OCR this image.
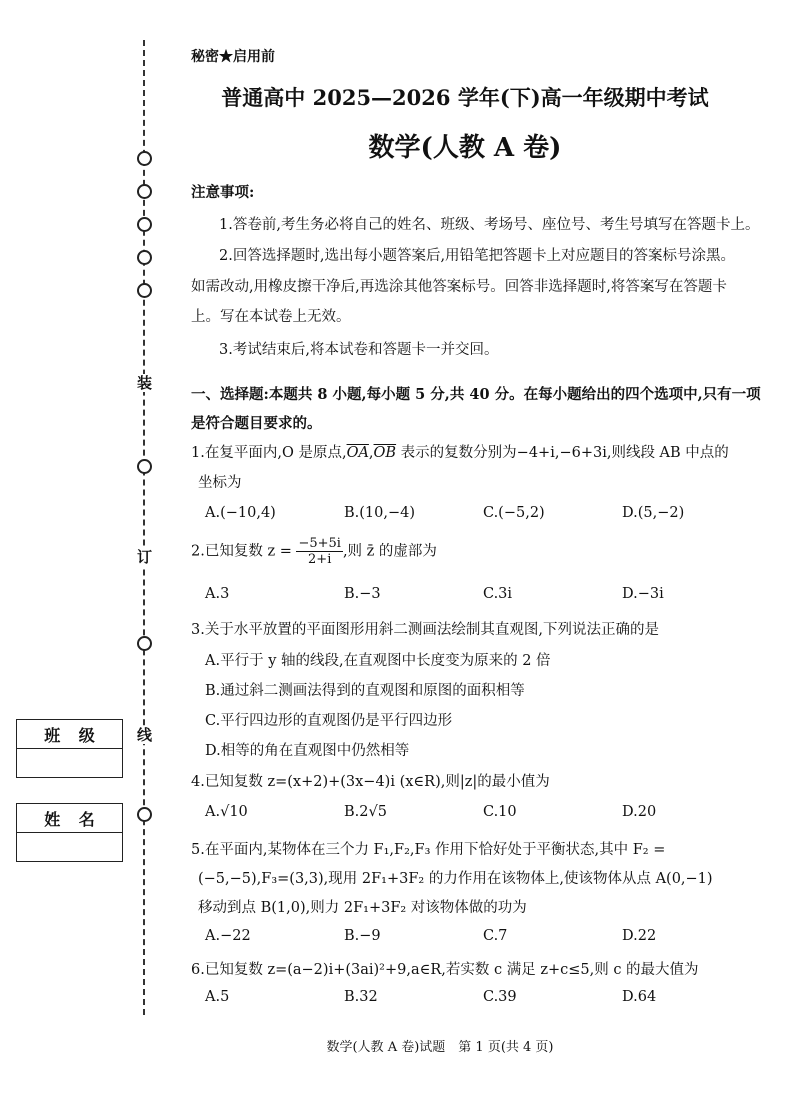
装
订
线
班 级
姓 名
秘密★启用前
普通高中 2025—2026 学年(下)高一年级期中考试
数学(人教 A 卷)
注意事项:
1.答卷前,考生务必将自己的姓名、班级、考场号、座位号、考生号填写在答题卡上。
2.回答选择题时,选出每小题答案后,用铅笔把答题卡上对应题目的答案标号涂黑。
如需改动,用橡皮擦干净后,再选涂其他答案标号。回答非选择题时,将答案写在答题卡
上。写在本试卷上无效。
3.考试结束后,将本试卷和答题卡一并交回。
一、选择题:本题共 8 小题,每小题 5 分,共 40 分。在每小题给出的四个选项中,只有一项
是符合题目要求的。
1.在复平面内,O 是原点$,\overline{OA},\overline{OB}$ 表示的复数分别为−4+i,−6+3i,则线段 AB 中点的
坐标为
A.(−10,4)	B.(10,−4)	C.(−5,2)	D.(5,−2)
2.已知复数 $z = \frac{-5+5i}{2+i}$ ,则 z̄ 的虚部为
A.3	B.−3	C.3i	D.−3i
3.关于水平放置的平面图形用斜二测画法绘制其直观图,下列说法正确的是
A.平行于 y 轴的线段,在直观图中长度变为原来的 2 倍
B.通过斜二测画法得到的直观图和原图的面积相等
C.平行四边形的直观图仍是平行四边形
D.相等的角在直观图中仍然相等
4.已知复数 z=(x+2)+(3x−4)i (x∈R),则|z|的最小值为
A.√10	B.2√5	C.10	D.20
5.在平面内,某物体在三个力 F₁,F₂,F₃ 作用下恰好处于平衡状态,其中 F₂ =
(−5,−5),F₃=(3,3),现用 2F₁+3F₂ 的力作用在该物体上,使该物体从点 A(0,−1)
移动到点 B(1,0),则力 2F₁+3F₂ 对该物体做的功为
A.−22	B.−9	C.7	D.22
6.已知复数 z=(a−2)i+(3ai)²+9,a∈R,若实数 c 满足 z+c≤5,则 c 的最大值为
A.5	B.32	C.39	D.64
数学(人教 A 卷)试题　第 1 页(共 4 页)
